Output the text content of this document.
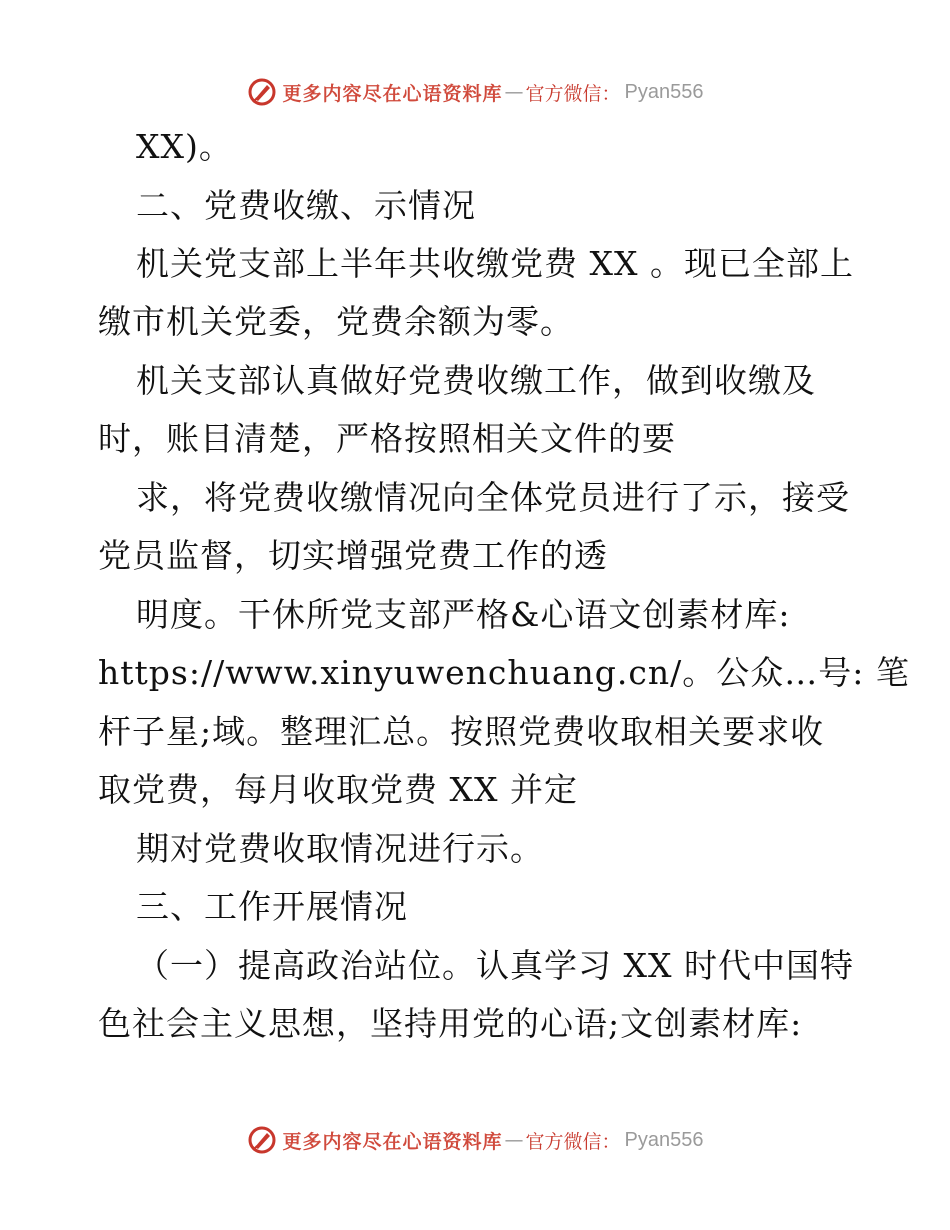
更多内容尽在心语资料库 — 官方微信： Pyan556
XX)。
二、党费收缴、示情况
机关党支部上半年共收缴党费 XX 。现已全部上
缴市机关党委，党费余额为零。
机关支部认真做好党费收缴工作，做到收缴及
时，账目清楚，严格按照相关文件的要
求，将党费收缴情况向全体党员进行了示，接受
党员监督，切实增强党费工作的透
明度。干休所党支部严格&心语文创素材库:
https://www.xinyuwenchuang.cn/。公众…号: 笔
杆子星;域。整理汇总。按照党费收取相关要求收
取党费，每月收取党费 XX 并定
期对党费收取情况进行示。
三、工作开展情况
（一）提高政治站位。认真学习 XX 时代中国特
色社会主义思想，坚持用党的心语;文创素材库:
更多内容尽在心语资料库 — 官方微信： Pyan556
